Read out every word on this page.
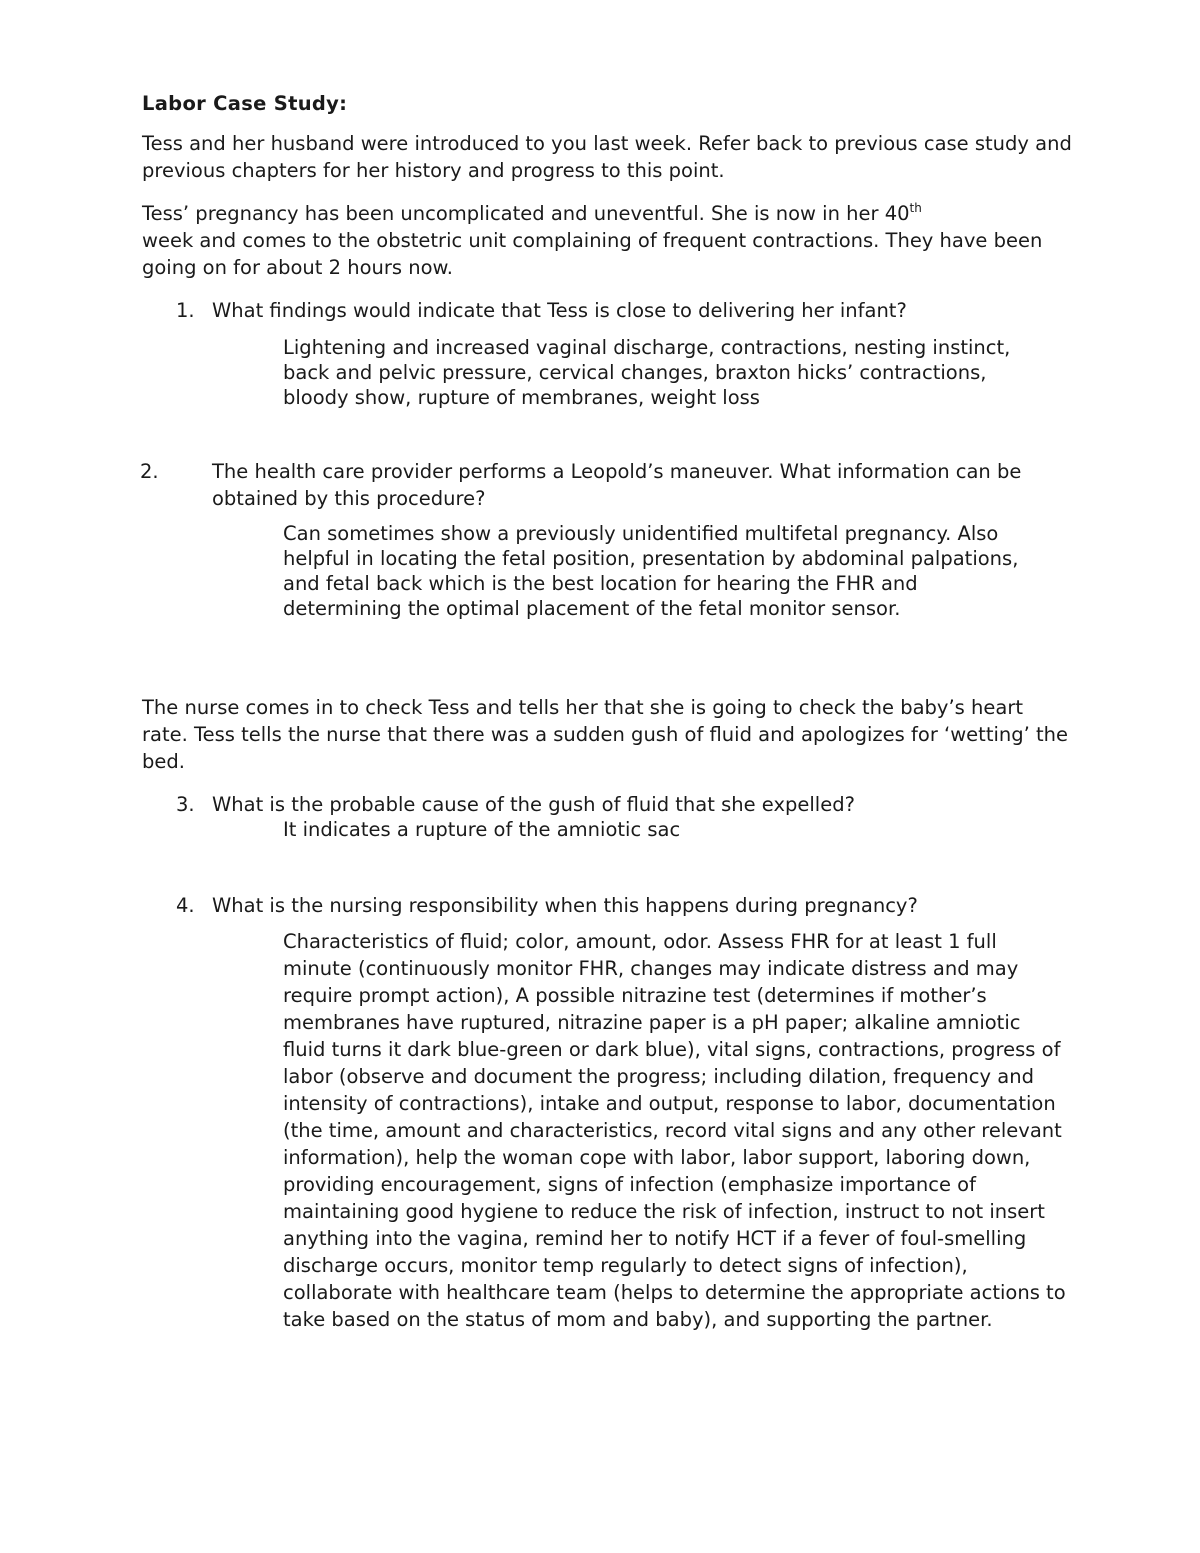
Labor Case Study:

Tess and her husband were introduced to you last week. Refer back to previous case study and previous chapters for her history and progress to this point.

Tess’ pregnancy has been uncomplicated and uneventful. She is now in her 40th
week and comes to the obstetric unit complaining of frequent contractions. They have been going on for about 2 hours now.

1. What findings would indicate that Tess is close to delivering her infant?

Lightening and increased vaginal discharge, contractions, nesting instinct, back and pelvic pressure, cervical changes, braxton hicks’ contractions, bloody show, rupture of membranes, weight loss

2.	The health care provider performs a Leopold’s maneuver. What information can be obtained by this procedure?

Can sometimes show a previously unidentified multifetal pregnancy. Also helpful in locating the fetal position, presentation by abdominal palpations, and fetal back which is the best location for hearing the FHR and determining the optimal placement of the fetal monitor sensor.

The nurse comes in to check Tess and tells her that she is going to check the baby’s heart rate. Tess tells the nurse that there was a sudden gush of fluid and apologizes for ‘wetting’ the bed.

3. What is the probable cause of the gush of fluid that she expelled?

It indicates a rupture of the amniotic sac

4. What is the nursing responsibility when this happens during pregnancy?

Characteristics of fluid; color, amount, odor. Assess FHR for at least 1 full minute (continuously monitor FHR, changes may indicate distress and may require prompt action), A possible nitrazine test (determines if mother’s membranes have ruptured, nitrazine paper is a pH paper; alkaline amniotic fluid turns it dark blue-green or dark blue), vital signs, contractions, progress of labor (observe and document the progress; including dilation, frequency and intensity of contractions), intake and output, response to labor, documentation (the time, amount and characteristics, record vital signs and any other relevant information), help the woman cope with labor, labor support, laboring down, providing encouragement, signs of infection (emphasize importance of maintaining good hygiene to reduce the risk of infection, instruct to not insert anything into the vagina, remind her to notify HCT if a fever of foul-smelling discharge occurs, monitor temp regularly to detect signs of infection), collaborate with healthcare team (helps to determine the appropriate actions to take based on the status of mom and baby), and supporting the partner.
